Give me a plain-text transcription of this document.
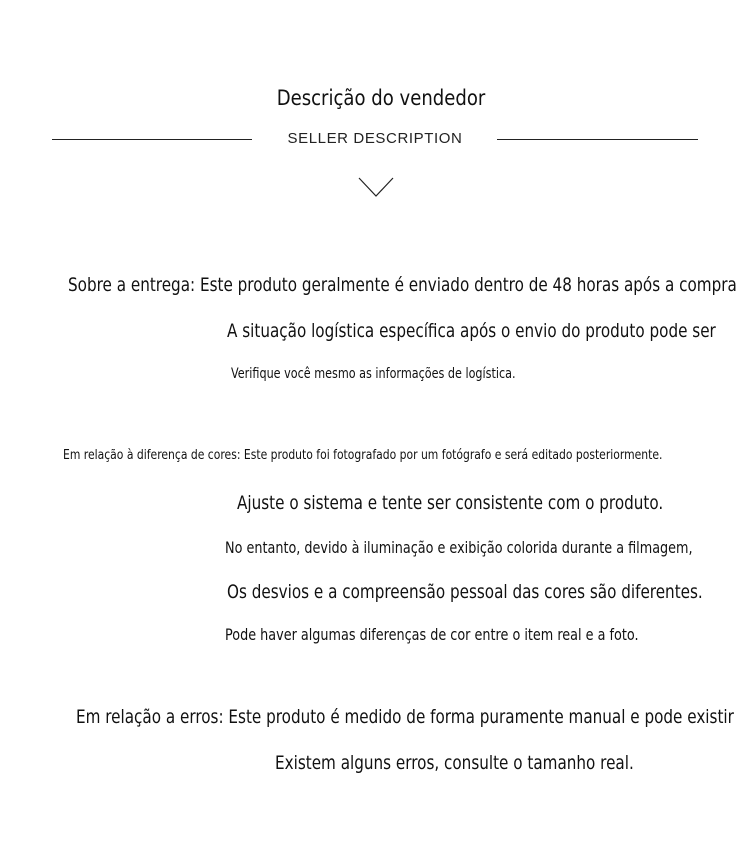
Descrição do vendedor
SELLER DESCRIPTION
Sobre a entrega: Este produto geralmente é enviado dentro de 48 horas após a compra
A situação logística específica após o envio do produto pode ser
Verifique você mesmo as informações de logística.
Em relação à diferença de cores: Este produto foi fotografado por um fotógrafo e será editado posteriormente.
Ajuste o sistema e tente ser consistente com o produto.
No entanto, devido à iluminação e exibição colorida durante a filmagem,
Os desvios e a compreensão pessoal das cores são diferentes.
Pode haver algumas diferenças de cor entre o item real e a foto.
Em relação a erros: Este produto é medido de forma puramente manual e pode existir
Existem alguns erros, consulte o tamanho real.
